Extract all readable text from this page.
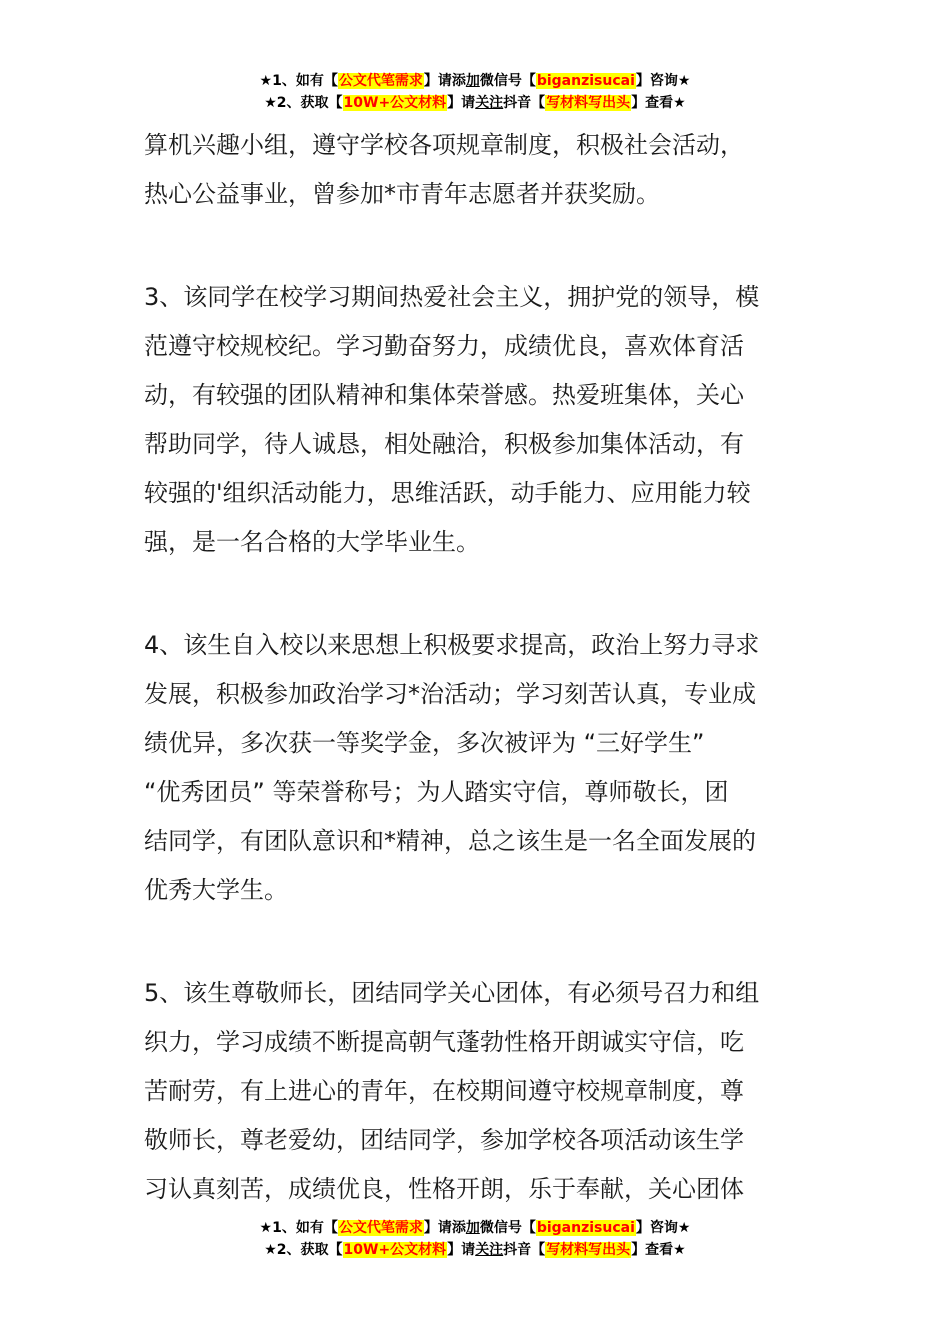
★1、如有【公文代笔需求】请添加微信号【biganzisucai】咨询★
★2、获取【10W+公文材料】请关注抖音【写材料写出头】查看★
算机兴趣小组，遵守学校各项规章制度，积极社会活动，
热心公益事业，曾参加*市青年志愿者并获奖励。
3、该同学在校学习期间热爱社会主义，拥护党的领导，模
范遵守校规校纪。学习勤奋努力，成绩优良，喜欢体育活
动，有较强的团队精神和集体荣誉感。热爱班集体，关心
帮助同学，待人诚恳，相处融洽，积极参加集体活动，有
较强的'组织活动能力，思维活跃，动手能力、应用能力较
强，是一名合格的大学毕业生。
4、该生自入校以来思想上积极要求提高，政治上努力寻求
发展，积极参加政治学习*治活动；学习刻苦认真，专业成
绩优异，多次获一等奖学金，多次被评为 “三好学生”
“优秀团员” 等荣誉称号；为人踏实守信，尊师敬长，团
结同学，有团队意识和*精神，总之该生是一名全面发展的
优秀大学生。
5、该生尊敬师长，团结同学关心团体，有必须号召力和组
织力，学习成绩不断提高朝气蓬勃性格开朗诚实守信，吃
苦耐劳，有上进心的青年，在校期间遵守校规章制度，尊
敬师长，尊老爱幼，团结同学，参加学校各项活动该生学
习认真刻苦，成绩优良，性格开朗，乐于奉献，关心团体
★1、如有【公文代笔需求】请添加微信号【biganzisucai】咨询★
★2、获取【10W+公文材料】请关注抖音【写材料写出头】查看★
